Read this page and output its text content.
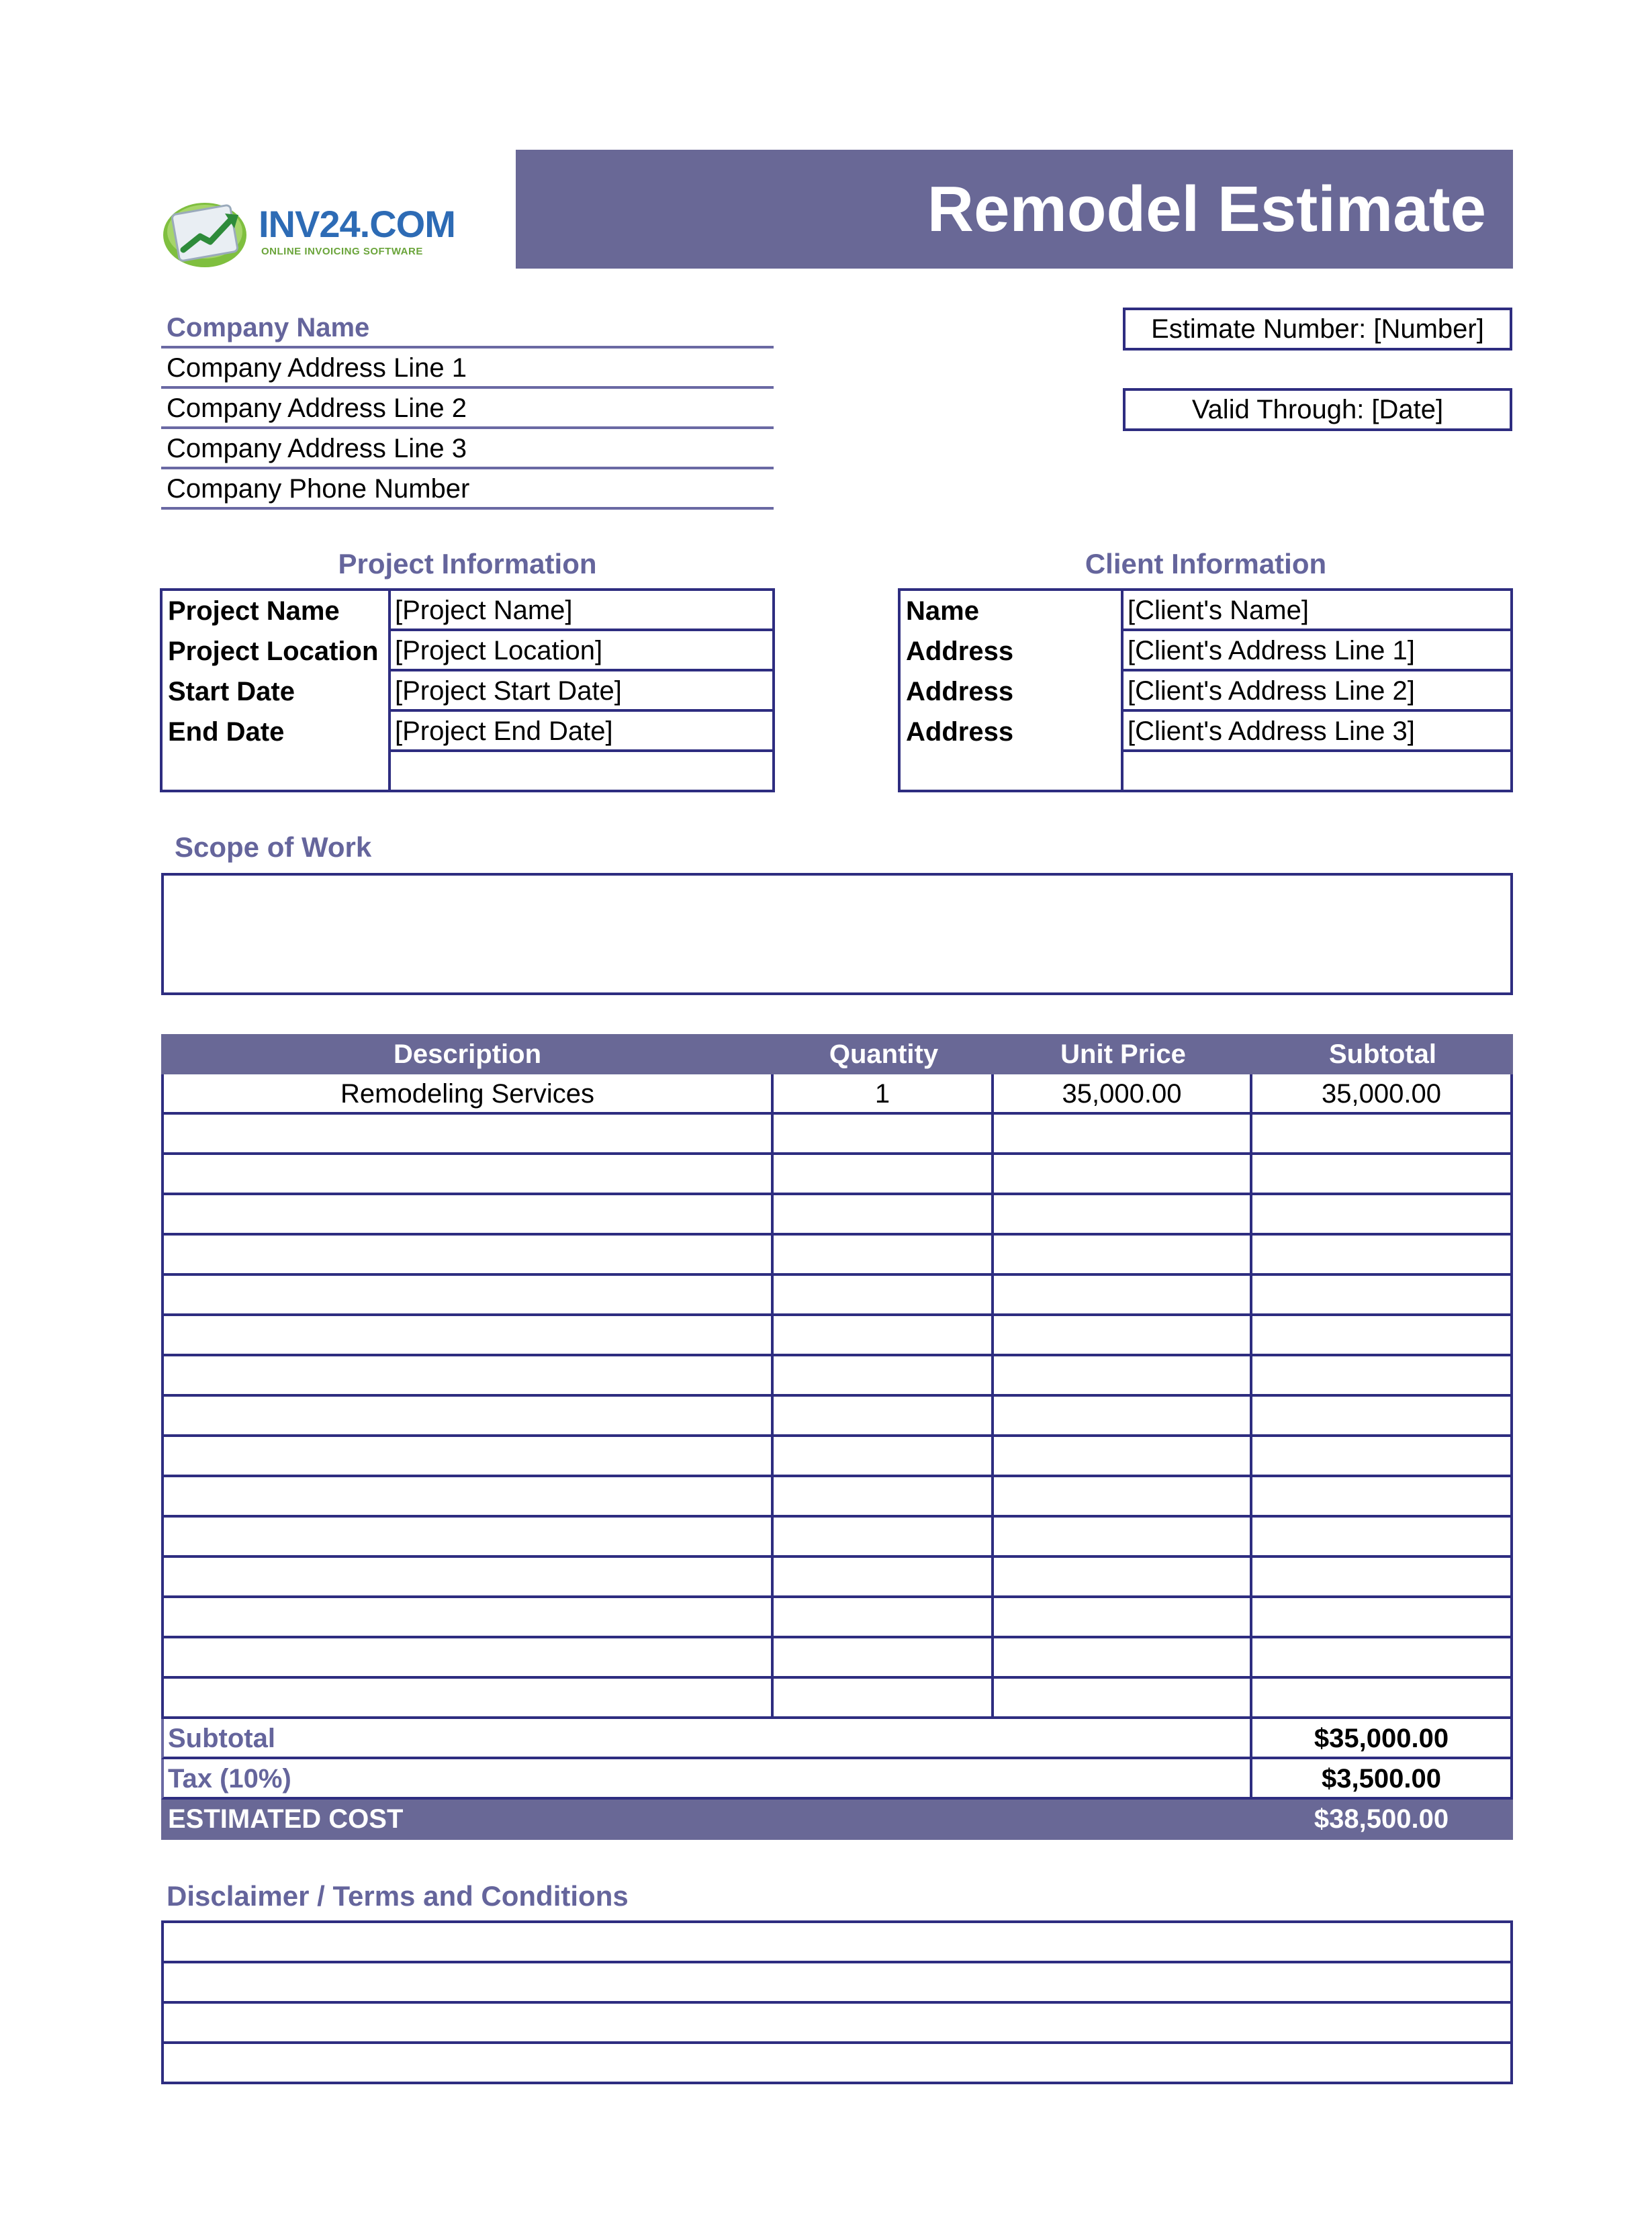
Remodel Estimate
INV24.COM
ONLINE INVOICING SOFTWARE
Company Name
Company Address Line 1
Company Address Line 2
Company Address Line 3
Company Phone Number
Estimate Number: [Number]
Valid Through: [Date]
Project Information
Project Name [Project Name]
Project Location [Project Location]
Start Date	[Project Start Date]
End Date	[Project End Date]
Client Information
Name	[Client's Name]
Address	[Client's Address Line 1]
Address	[Client's Address Line 2]
Address	[Client's Address Line 3]
Scope of Work
Description	Quantity	Unit Price	Subtotal
Remodeling Services	1	35,000.00	35,000.00
Subtotal	$35,000.00
Tax (10%)	$3,500.00
ESTIMATED COST	$38,500.00
Disclaimer / Terms and Conditions
